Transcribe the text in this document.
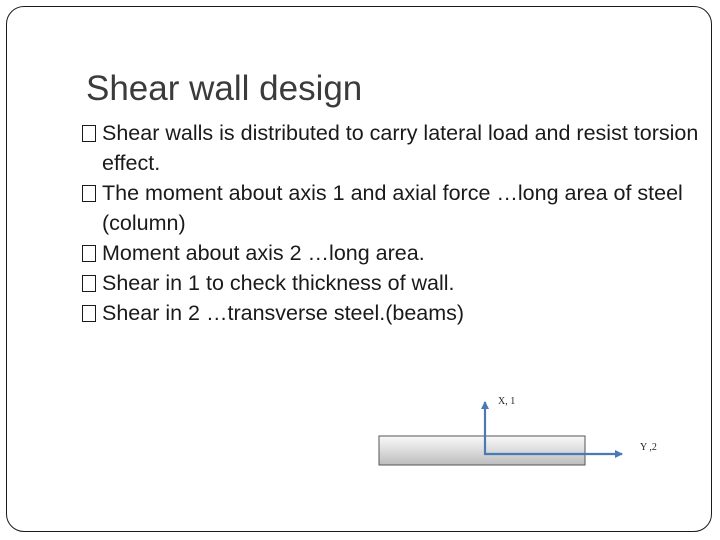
Shear wall design
Shear walls is distributed to carry lateral load and resist torsion effect.
The moment about axis 1 and axial force …long area of steel (column)
Moment about axis 2 …long area.
Shear in 1 to check thickness of wall.
Shear in 2 …transverse steel.(beams)
X, 1
Y ,2
